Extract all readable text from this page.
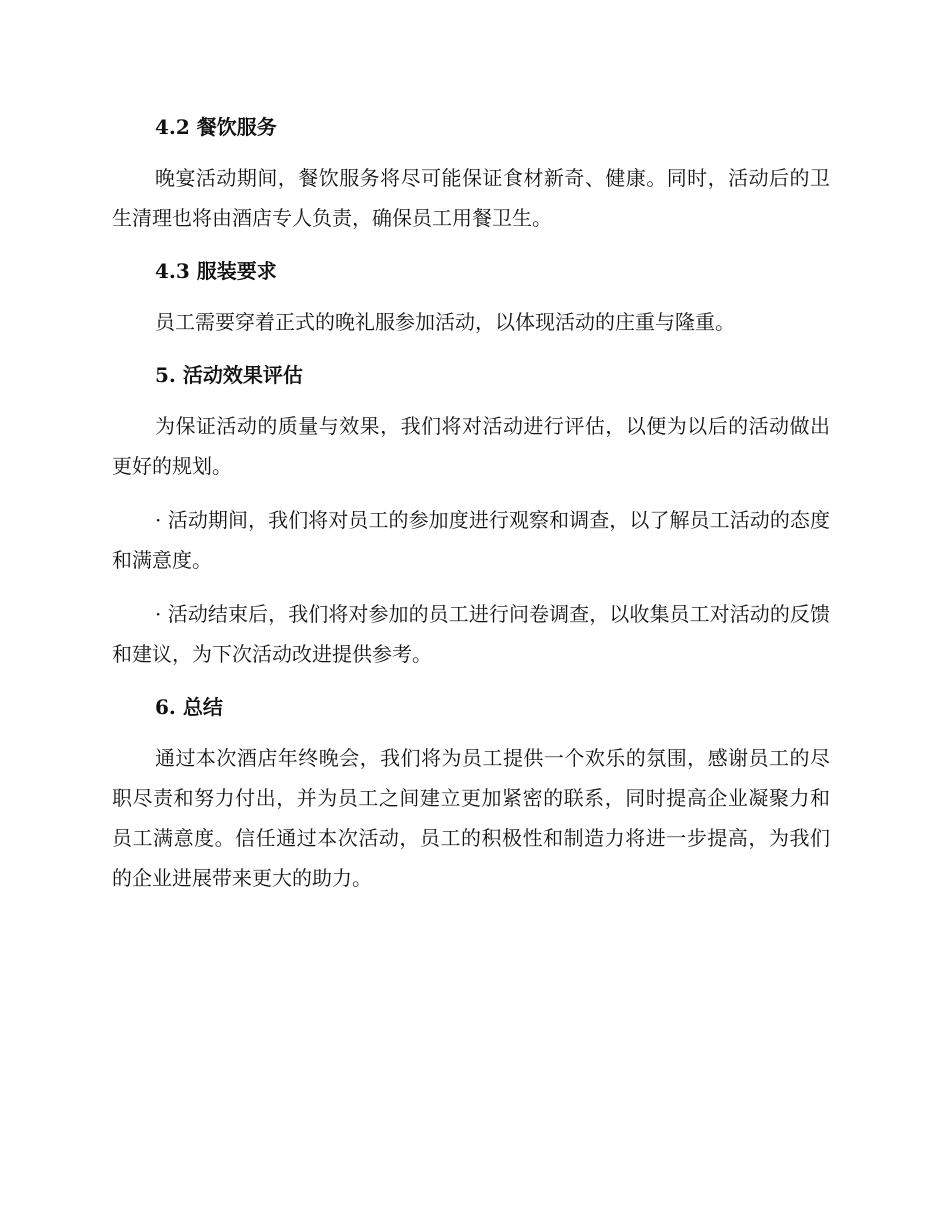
4.2 餐饮服务

晚宴活动期间，餐饮服务将尽可能保证食材新奇、健康。同时，活动后的卫生清理也将由酒店专人负责，确保员工用餐卫生。

4.3 服装要求

员工需要穿着正式的晚礼服参加活动，以体现活动的庄重与隆重。

5. 活动效果评估

为保证活动的质量与效果，我们将对活动进行评估，以便为以后的活动做出更好的规划。

· 活动期间，我们将对员工的参加度进行观察和调查，以了解员工活动的态度和满意度。

· 活动结束后，我们将对参加的员工进行问卷调查，以收集员工对活动的反馈和建议，为下次活动改进提供参考。

6. 总结

通过本次酒店年终晚会，我们将为员工提供一个欢乐的氛围，感谢员工的尽职尽责和努力付出，并为员工之间建立更加紧密的联系，同时提高企业凝聚力和员工满意度。信任通过本次活动，员工的积极性和制造力将进一步提高，为我们的企业进展带来更大的助力。
